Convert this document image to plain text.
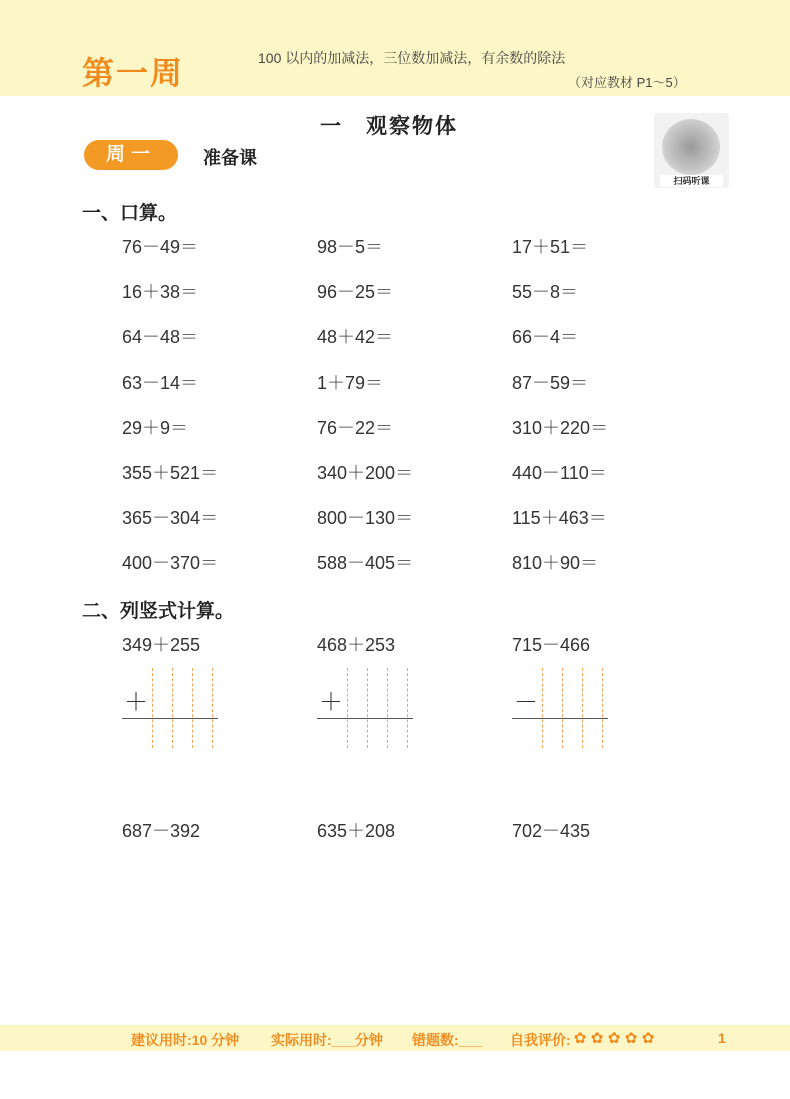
第一周	100 以内的加减法，三位数加减法，有余数的除法
（对应教材 P1～5）
一　观察物体
扫码听课
周一	准备课
一、口算。
二、列竖式计算。
349＋255	468＋253	715－466
＋	＋	－
687－392	635＋208	702－435
建议用时:10 分钟 实际用时:___分钟 错题数:___ 自我评价: ✿ ✿ ✿ ✿ ✿	1
76－49＝	98－5＝	17＋51＝
16＋38＝	96－25＝	55－8＝
64－48＝	48＋42＝	66－4＝
63－14＝	1＋79＝	87－59＝
29＋9＝	76－22＝	310＋220＝
355＋521＝	340＋200＝	440－110＝
365－304＝	800－130＝	115＋463＝
400－370＝	588－405＝	810＋90＝
